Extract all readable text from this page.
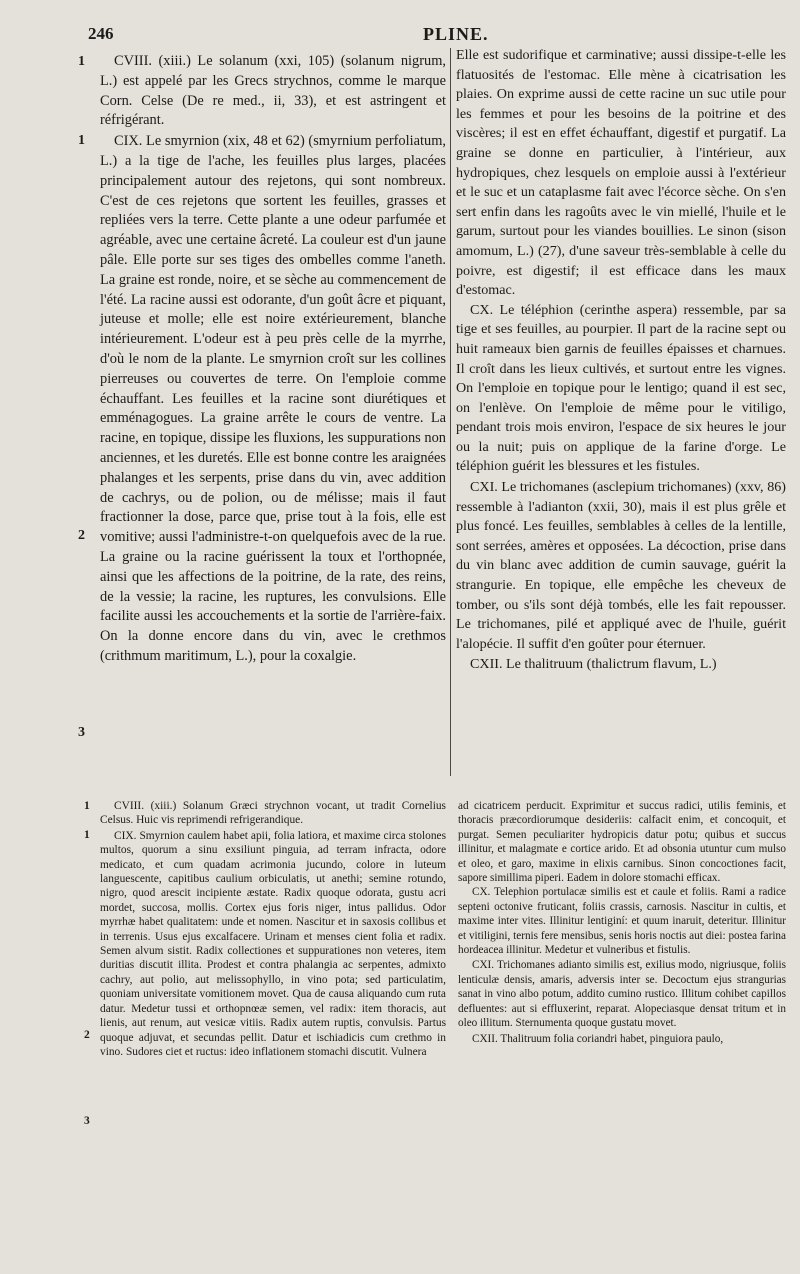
246	PLINE.
1
1
2
3
1
1
2
3

CVIII. (xiii.) Le solanum (xxi, 105) (solanum nigrum, L.) est appelé par les Grecs strychnos, comme le marque Corn. Celse (De re med., ii, 33), et est astringent et réfrigérant.

CIX. Le smyrnion (xix, 48 et 62) (smyrnium perfoliatum, L.) a la tige de l'ache, les feuilles plus larges, placées principalement autour des rejetons, qui sont nombreux. C'est de ces rejetons que sortent les feuilles, grasses et repliées vers la terre. Cette plante a une odeur parfumée et agréable, avec une certaine âcreté. La couleur est d'un jaune pâle. Elle porte sur ses tiges des ombelles comme l'aneth. La graine est ronde, noire, et se sèche au commencement de l'été. La racine aussi est odorante, d'un goût âcre et piquant, juteuse et molle; elle est noire extérieurement, blanche intérieurement. L'odeur est à peu près celle de la myrrhe, d'où le nom de la plante. Le smyrnion croît sur les collines pierreuses ou couvertes de terre. On l'emploie comme échauffant. Les feuilles et la racine sont diurétiques et emménagogues. La graine arrête le cours de ventre. La racine, en topique, dissipe les fluxions, les suppurations non anciennes, et les duretés. Elle est bonne contre les araignées phalanges et les serpents, prise dans du vin, avec addition de cachrys, ou de polion, ou de mélisse; mais il faut fractionner la dose, parce que, prise tout à la fois, elle est vomitive; aussi l'administre-t-on quelquefois avec de la rue. La graine ou la racine guérissent la toux et l'orthopnée, ainsi que les affections de la poitrine, de la rate, des reins, de la vessie; la racine, les ruptures, les convulsions. Elle facilite aussi les accouchements et la sortie de l'arrière-faix. On la donne encore dans du vin, avec le crethmos (crithmum maritimum, L.), pour la coxalgie.

Elle est sudorifique et carminative; aussi dissipe-t-elle les flatuosités de l'estomac. Elle mène à cicatrisation les plaies. On exprime aussi de cette racine un suc utile pour les femmes et pour les besoins de la poitrine et des viscères; il est en effet échauffant, digestif et purgatif. La graine se donne en particulier, à l'intérieur, aux hydropiques, chez lesquels on emploie aussi à l'extérieur et le suc et un cataplasme fait avec l'écorce sèche. On s'en sert enfin dans les ragoûts avec le vin miellé, l'huile et le garum, surtout pour les viandes bouillies. Le sinon (sison amomum, L.) (27), d'une saveur très-semblable à celle du poivre, est digestif; il est efficace dans les maux d'estomac.

CX. Le téléphion (cerinthe aspera) ressemble, par sa tige et ses feuilles, au pourpier. Il part de la racine sept ou huit rameaux bien garnis de feuilles épaisses et charnues. Il croît dans les lieux cultivés, et surtout entre les vignes. On l'emploie en topique pour le lentigo; quand il est sec, on l'enlève. On l'emploie de même pour le vitiligo, pendant trois mois environ, l'espace de six heures le jour ou la nuit; puis on applique de la farine d'orge. Le téléphion guérit les blessures et les fistules.

CXI. Le trichomanes (asclepium trichomanes) (xxv, 86) ressemble à l'adianton (xxii, 30), mais il est plus grêle et plus foncé. Les feuilles, semblables à celles de la lentille, sont serrées, amères et opposées. La décoction, prise dans du vin blanc avec addition de cumin sauvage, guérit la strangurie. En topique, elle empêche les cheveux de tomber, ou s'ils sont déjà tombés, elle les fait repousser. Le trichomanes, pilé et appliqué avec de l'huile, guérit l'alopécie. Il suffit d'en goûter pour éternuer.

CXII. Le thalitruum (thalictrum flavum, L.)

CVIII. (xiii.) Solanum Græci strychnon vocant, ut tradit Cornelius Celsus. Huic vis reprimendi refrigerandique.

CIX. Smyrnion caulem habet apii, folia latiora, et maxime circa stolones multos, quorum a sinu exsiliunt pinguia, ad terram infracta, odore medicato, et cum quadam acrimonia jucundo, colore in luteum languescente, capitibus caulium orbiculatis, ut anethi; semine rotundo, nigro, quod arescit incipiente æstate. Radix quoque odorata, gustu acri mordet, succosa, mollis. Cortex ejus foris niger, intus pallidus. Odor myrrhæ habet qualitatem: unde et nomen. Nascitur et in saxosis collibus et in terrenis. Usus ejus excalfacere. Urinam et menses cient folia et radix. Semen alvum sistit. Radix collectiones et suppurationes non veteres, item duritias discutit illita. Prodest et contra phalangia ac serpentes, admixto cachry, aut polio, aut melissophyllo, in vino pota; sed particulatim, quoniam universitate vomitionem movet. Qua de causa aliquando cum ruta datur. Medetur tussi et orthopnœæ semen, vel radix: item thoracis, aut lienis, aut renum, aut vesicæ vitiis. Radix autem ruptis, convulsis. Partus quoque adjuvat, et secundas pellit. Datur et ischiadicis cum crethmo in vino. Sudores ciet et ructus: ideo inflationem stomachi discutit. Vulnera

ad cicatricem perducit. Exprimitur et succus radici, utilis feminis, et thoracis præcordiorumque desideriis: calfacit enim, et concoquit, et purgat. Semen peculiariter hydropicis datur potu; quibus et succus illinitur, et malagmate e cortice arido. Et ad obsonia utuntur cum mulso et oleo, et garo, maxime in elixis carnibus. Sinon concoctiones facit, sapore simillima piperi. Eadem in dolore stomachi efficax.

CX. Telephion portulacæ similis est et caule et foliis. Rami a radice septeni octonive fruticant, foliis crassis, carnosis. Nascitur in cultis, et maxime inter vites. Illinitur lentiginí: et quum inaruit, deteritur. Illinitur et vitiligini, ternis fere mensibus, senis horis noctis aut diei: postea farina hordeacea illinitur. Medetur et vulneribus et fistulis.

CXI. Trichomanes adianto similis est, exilius modo, nigriusque, foliis lenticulæ densis, amaris, adversis inter se. Decoctum ejus strangurias sanat in vino albo potum, addito cumino rustico. Illitum cohibet capillos defluentes: aut si effluxerint, reparat. Alopeciasque densat tritum et in oleo illitum. Sternumenta quoque gustatu movet.

CXII. Thalitruum folia coriandri habet, pinguiora paulo,
